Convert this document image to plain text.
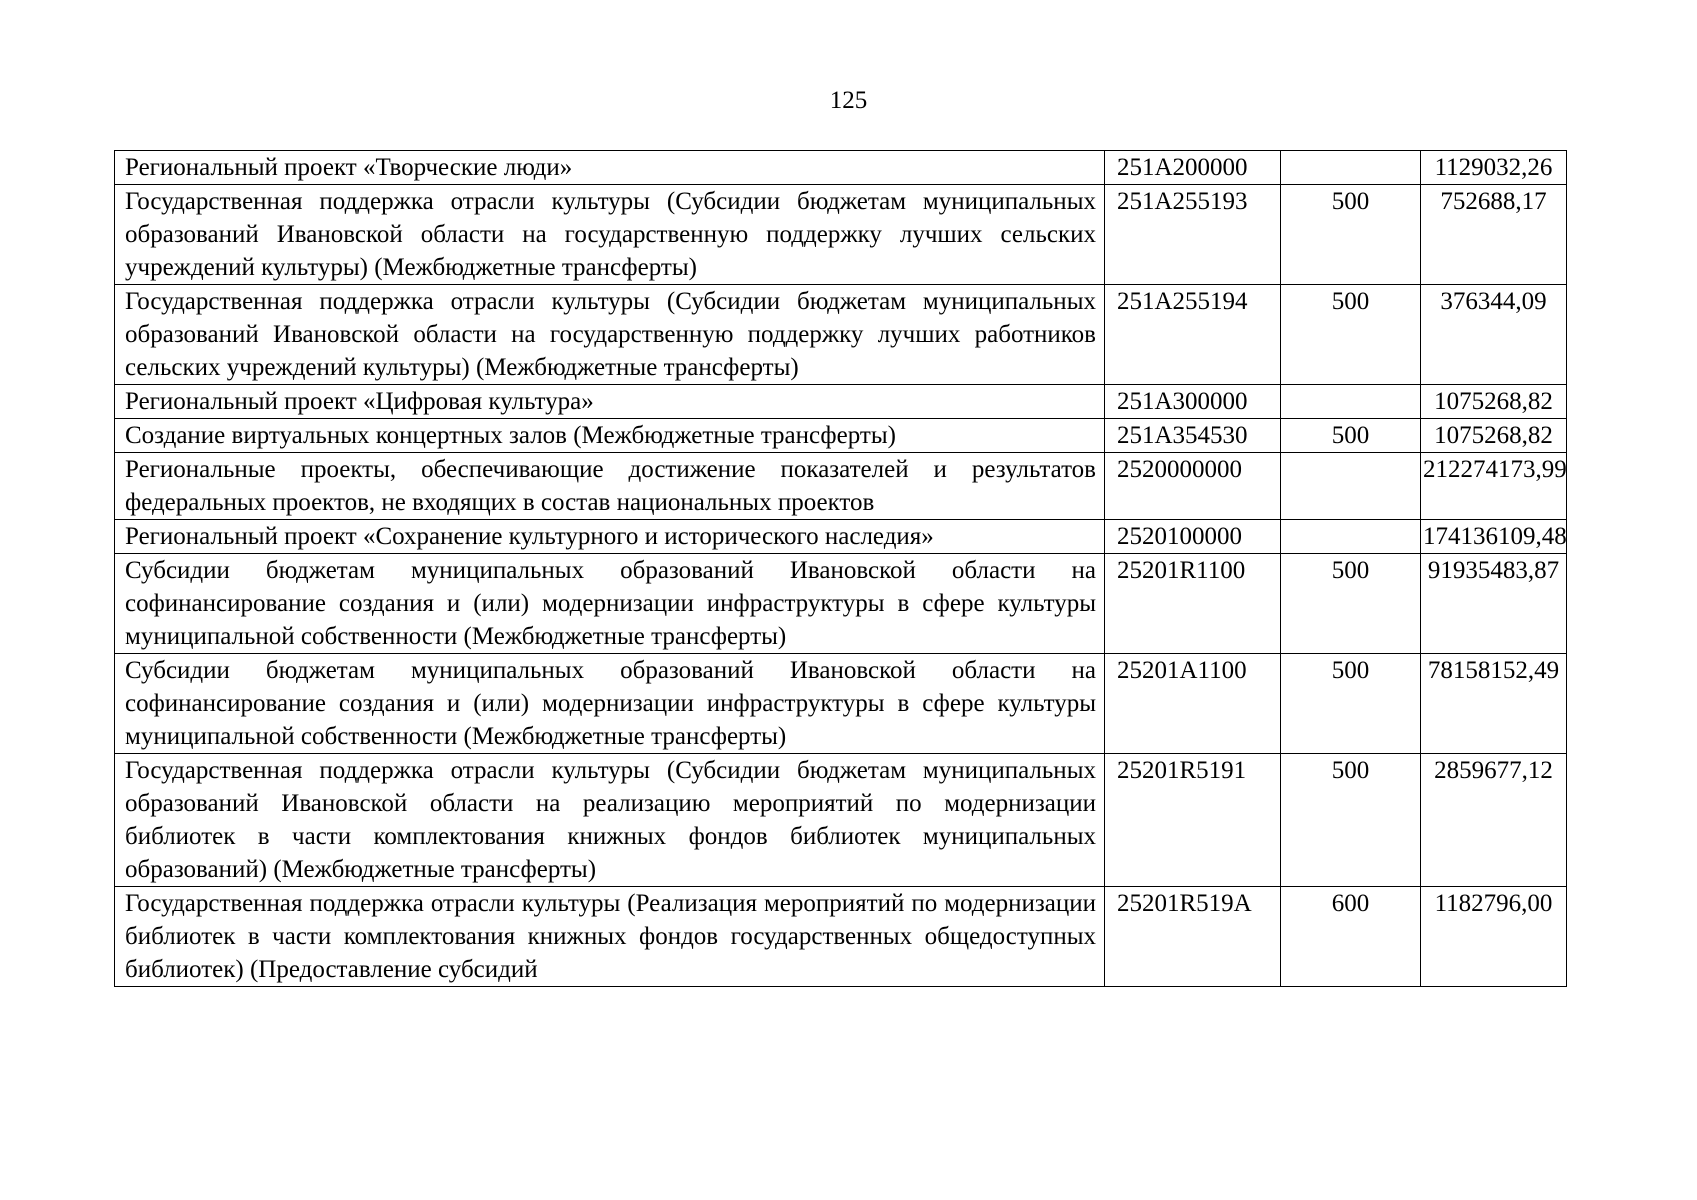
125
Региональный проект «Творческие люди»	251A200000		1129032,26
Государственная поддержка отрасли культуры (Субсидии бюджетам муниципальных образований Ивановской области на государственную поддержку лучших сельских учреждений культуры) (Межбюджетные трансферты)	251A255193	500	752688,17
Государственная поддержка отрасли культуры (Субсидии бюджетам муниципальных образований Ивановской области на государственную поддержку лучших работников сельских учреждений культуры) (Межбюджетные трансферты)	251A255194	500	376344,09
Региональный проект «Цифровая культура»	251A300000		1075268,82
Создание виртуальных концертных залов (Межбюджетные трансферты)	251A354530	500	1075268,82
Региональные проекты, обеспечивающие достижение показателей и результатов федеральных проектов, не входящих в состав национальных проектов	2520000000		212274173,99
Региональный проект «Сохранение культурного и исторического наследия»	2520100000		174136109,48
Субсидии бюджетам муниципальных образований Ивановской области на софинансирование создания и (или) модернизации инфраструктуры в сфере культуры муниципальной собственности (Межбюджетные трансферты)	25201R1100	500	91935483,87
Субсидии бюджетам муниципальных образований Ивановской области на софинансирование создания и (или) модернизации инфраструктуры в сфере культуры муниципальной собственности (Межбюджетные трансферты)	25201A1100	500	78158152,49
Государственная поддержка отрасли культуры (Субсидии бюджетам муниципальных образований Ивановской области на реализацию мероприятий по модернизации библиотек в части комплектования книжных фондов библиотек муниципальных образований) (Межбюджетные трансферты)	25201R5191	500	2859677,12
Государственная поддержка отрасли культуры (Реализация мероприятий по модернизации библиотек в части комплектования книжных фондов государственных общедоступных библиотек) (Предоставление субсидий	25201R519A	600	1182796,00
